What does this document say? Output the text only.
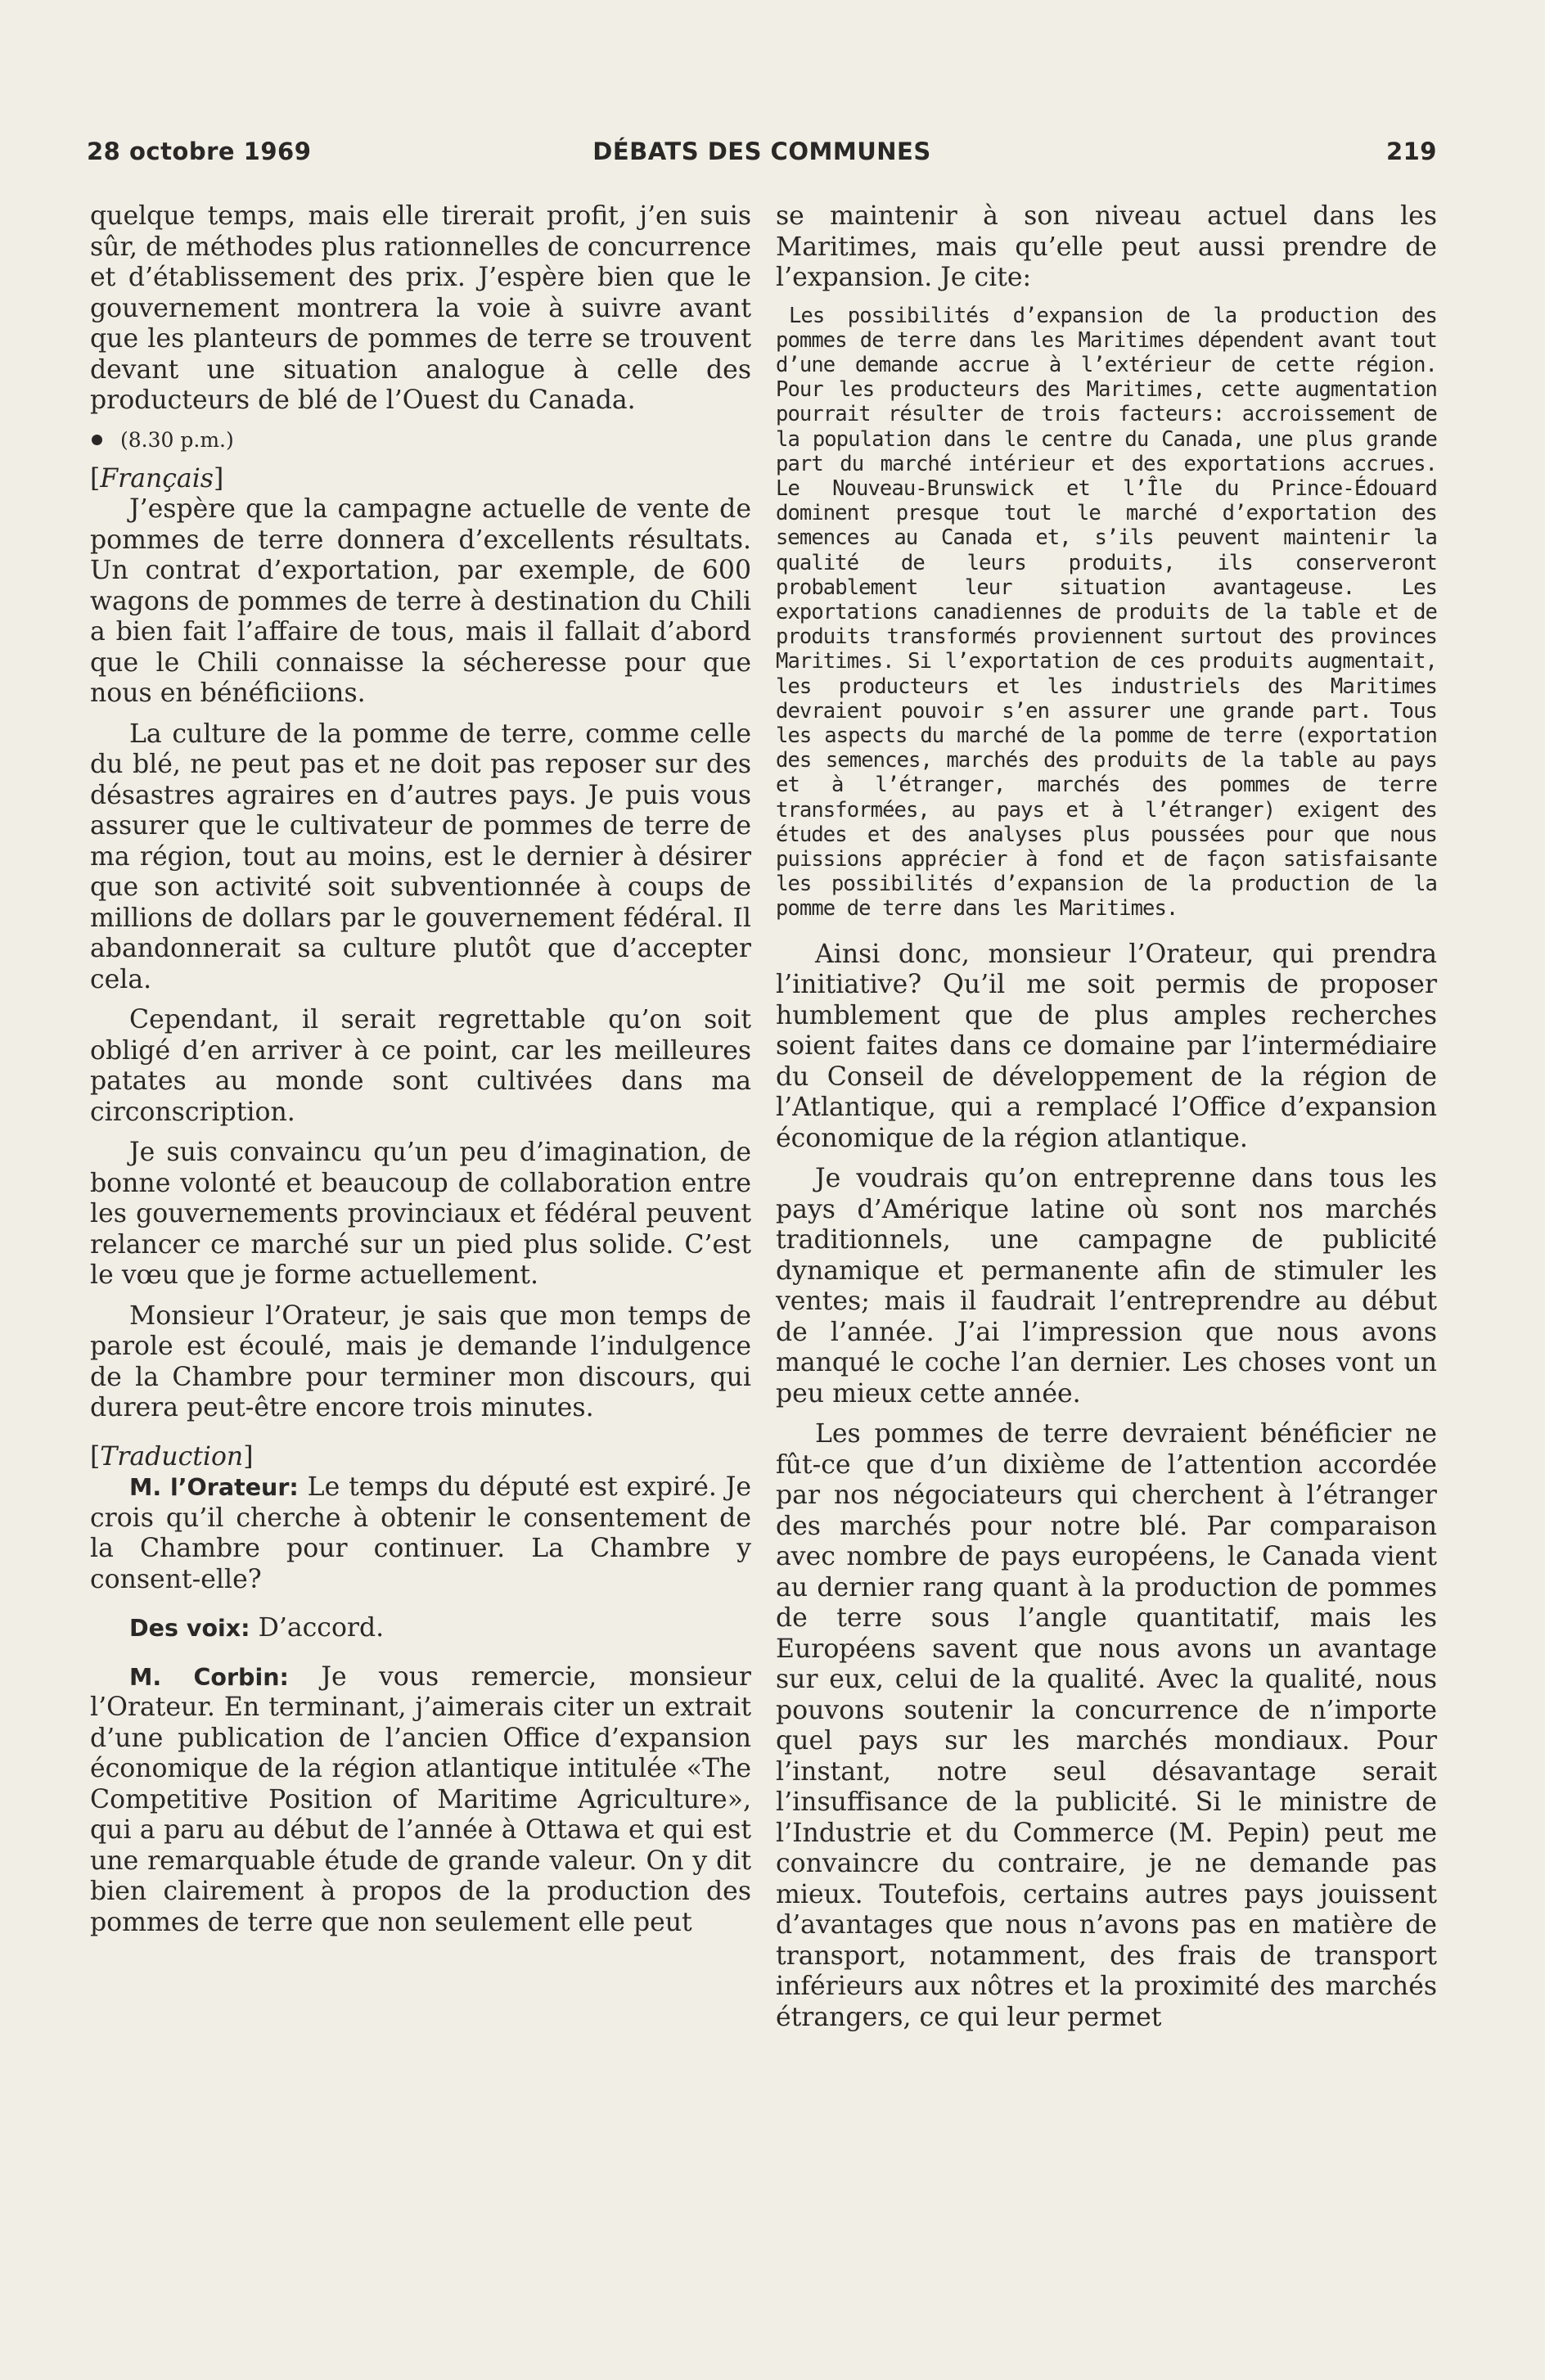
28 octobre 1969	DÉBATS DES COMMUNES	219

quelque temps, mais elle tirerait profit, j’en suis sûr, de méthodes plus rationnelles de concurrence et d’établissement des prix. J’espère bien que le gouvernement montrera la voie à suivre avant que les planteurs de pommes de terre se trouvent devant une situation analogue à celle des producteurs de blé de l’Ouest du Canada.

(8.30 p.m.)

[Français]

J’espère que la campagne actuelle de vente de pommes de terre donnera d’excellents résultats. Un contrat d’exportation, par exemple, de 600 wagons de pommes de terre à destination du Chili a bien fait l’affaire de tous, mais il fallait d’abord que le Chili connaisse la sécheresse pour que nous en bénéficiions.

La culture de la pomme de terre, comme celle du blé, ne peut pas et ne doit pas reposer sur des désastres agraires en d’autres pays. Je puis vous assurer que le cultivateur de pommes de terre de ma région, tout au moins, est le dernier à désirer que son activité soit subventionnée à coups de millions de dollars par le gouvernement fédéral. Il abandonnerait sa culture plutôt que d’accepter cela.

Cependant, il serait regrettable qu’on soit obligé d’en arriver à ce point, car les meilleures patates au monde sont cultivées dans ma circonscription.

Je suis convaincu qu’un peu d’imagination, de bonne volonté et beaucoup de collaboration entre les gouvernements provinciaux et fédéral peuvent relancer ce marché sur un pied plus solide. C’est le vœu que je forme actuellement.

Monsieur l’Orateur, je sais que mon temps de parole est écoulé, mais je demande l’indulgence de la Chambre pour terminer mon discours, qui durera peut-être encore trois minutes.

[Traduction]

M. l’Orateur: Le temps du député est expiré. Je crois qu’il cherche à obtenir le consentement de la Chambre pour continuer. La Chambre y consent-elle?

Des voix: D’accord.

M. Corbin: Je vous remercie, monsieur l’Orateur. En terminant, j’aimerais citer un extrait d’une publication de l’ancien Office d’expansion économique de la région atlantique intitulée «The Competitive Position of Maritime Agriculture», qui a paru au début de l’année à Ottawa et qui est une remarquable étude de grande valeur. On y dit bien clairement à propos de la production des pommes de terre que non seulement elle peut

se maintenir à son niveau actuel dans les Maritimes, mais qu’elle peut aussi prendre de l’expansion. Je cite:

Les possibilités d’expansion de la production des pommes de terre dans les Maritimes dépendent avant tout d’une demande accrue à l’extérieur de cette région. Pour les producteurs des Maritimes, cette augmentation pourrait résulter de trois facteurs: accroissement de la population dans le centre du Canada, une plus grande part du marché intérieur et des exportations accrues. Le Nouveau-Brunswick et l’Île du Prince-Édouard dominent presque tout le marché d’exportation des semences au Canada et, s’ils peuvent maintenir la qualité de leurs produits, ils conserveront probablement leur situation avantageuse. Les exportations canadiennes de produits de la table et de produits transformés proviennent surtout des provinces Maritimes. Si l’exportation de ces produits augmentait, les producteurs et les industriels des Maritimes devraient pouvoir s’en assurer une grande part. Tous les aspects du marché de la pomme de terre (exportation des semences, marchés des produits de la table au pays et à l’étranger, marchés des pommes de terre transformées, au pays et à l’étranger) exigent des études et des analyses plus poussées pour que nous puissions apprécier à fond et de façon satisfaisante les possibilités d’expansion de la production de la pomme de terre dans les Maritimes.

Ainsi donc, monsieur l’Orateur, qui prendra l’initiative? Qu’il me soit permis de proposer humblement que de plus amples recherches soient faites dans ce domaine par l’intermédiaire du Conseil de développement de la région de l’Atlantique, qui a remplacé l’Office d’expansion économique de la région atlantique.

Je voudrais qu’on entreprenne dans tous les pays d’Amérique latine où sont nos marchés traditionnels, une campagne de publicité dynamique et permanente afin de stimuler les ventes; mais il faudrait l’entreprendre au début de l’année. J’ai l’impression que nous avons manqué le coche l’an dernier. Les choses vont un peu mieux cette année.

Les pommes de terre devraient bénéficier ne fût-ce que d’un dixième de l’attention accordée par nos négociateurs qui cherchent à l’étranger des marchés pour notre blé. Par comparaison avec nombre de pays européens, le Canada vient au dernier rang quant à la production de pommes de terre sous l’angle quantitatif, mais les Européens savent que nous avons un avantage sur eux, celui de la qualité. Avec la qualité, nous pouvons soutenir la concurrence de n’importe quel pays sur les marchés mondiaux. Pour l’instant, notre seul désavantage serait l’insuffisance de la publicité. Si le ministre de l’Industrie et du Commerce (M. Pepin) peut me convaincre du contraire, je ne demande pas mieux. Toutefois, certains autres pays jouissent d’avantages que nous n’avons pas en matière de transport, notamment, des frais de transport inférieurs aux nôtres et la proximité des marchés étrangers, ce qui leur permet
